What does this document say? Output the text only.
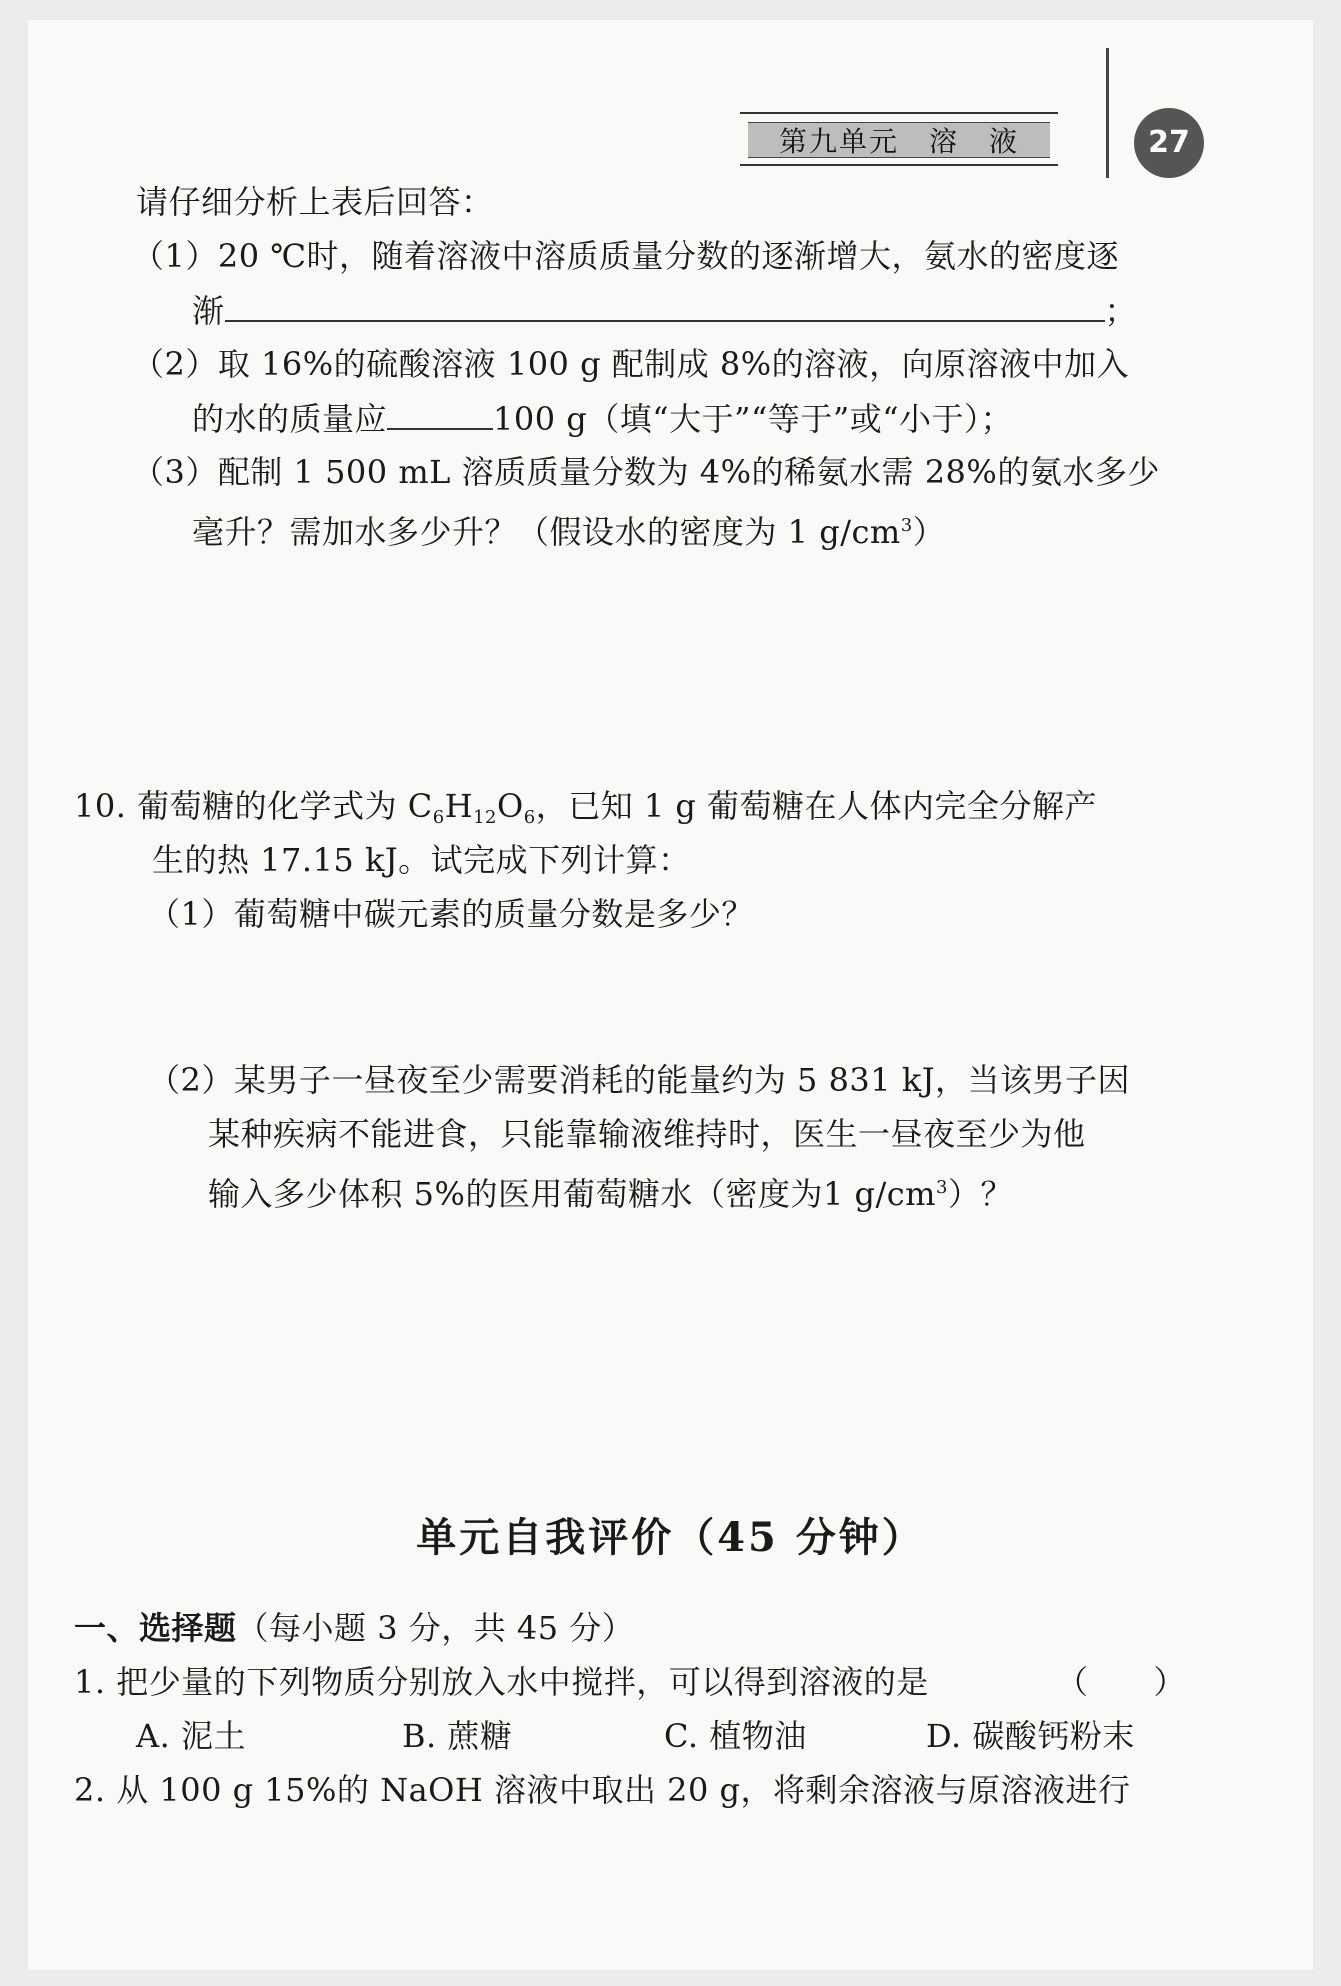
第九单元　溶　液	27
请仔细分析上表后回答：
（1）20 ℃时，随着溶液中溶质质量分数的逐渐增大，氨水的密度逐
渐	；
（2）取 16%的硫酸溶液 100 g 配制成 8%的溶液，向原溶液中加入
的水的质量应	100 g（填“大于”“等于”或“小于）；
（3）配制 1 500 mL 溶质质量分数为 4%的稀氨水需 28%的氨水多少
毫升？需加水多少升？（假设水的密度为 1 $g/cm^3$）
10. 葡萄糖的化学式为 $C_6H_{12}O_6$，已知 1 g 葡萄糖在人体内完全分解产
生的热 17.15 kJ。试完成下列计算：
（1）葡萄糖中碳元素的质量分数是多少？
（2）某男子一昼夜至少需要消耗的能量约为 5 831 kJ，当该男子因
某种疾病不能进食，只能靠输液维持时，医生一昼夜至少为他
输入多少体积 5%的医用葡萄糖水（密度为1 $g/cm^3$）？
单元自我评价（45 分钟）
一、选择题（每小题 3 分，共 45 分）
1. 把少量的下列物质分别放入水中搅拌，可以得到溶液的是	（　　）
A. 泥土	B. 蔗糖	C. 植物油	D. 碳酸钙粉末
2. 从 100 g 15%的 NaOH 溶液中取出 20 g，将剩余溶液与原溶液进行
